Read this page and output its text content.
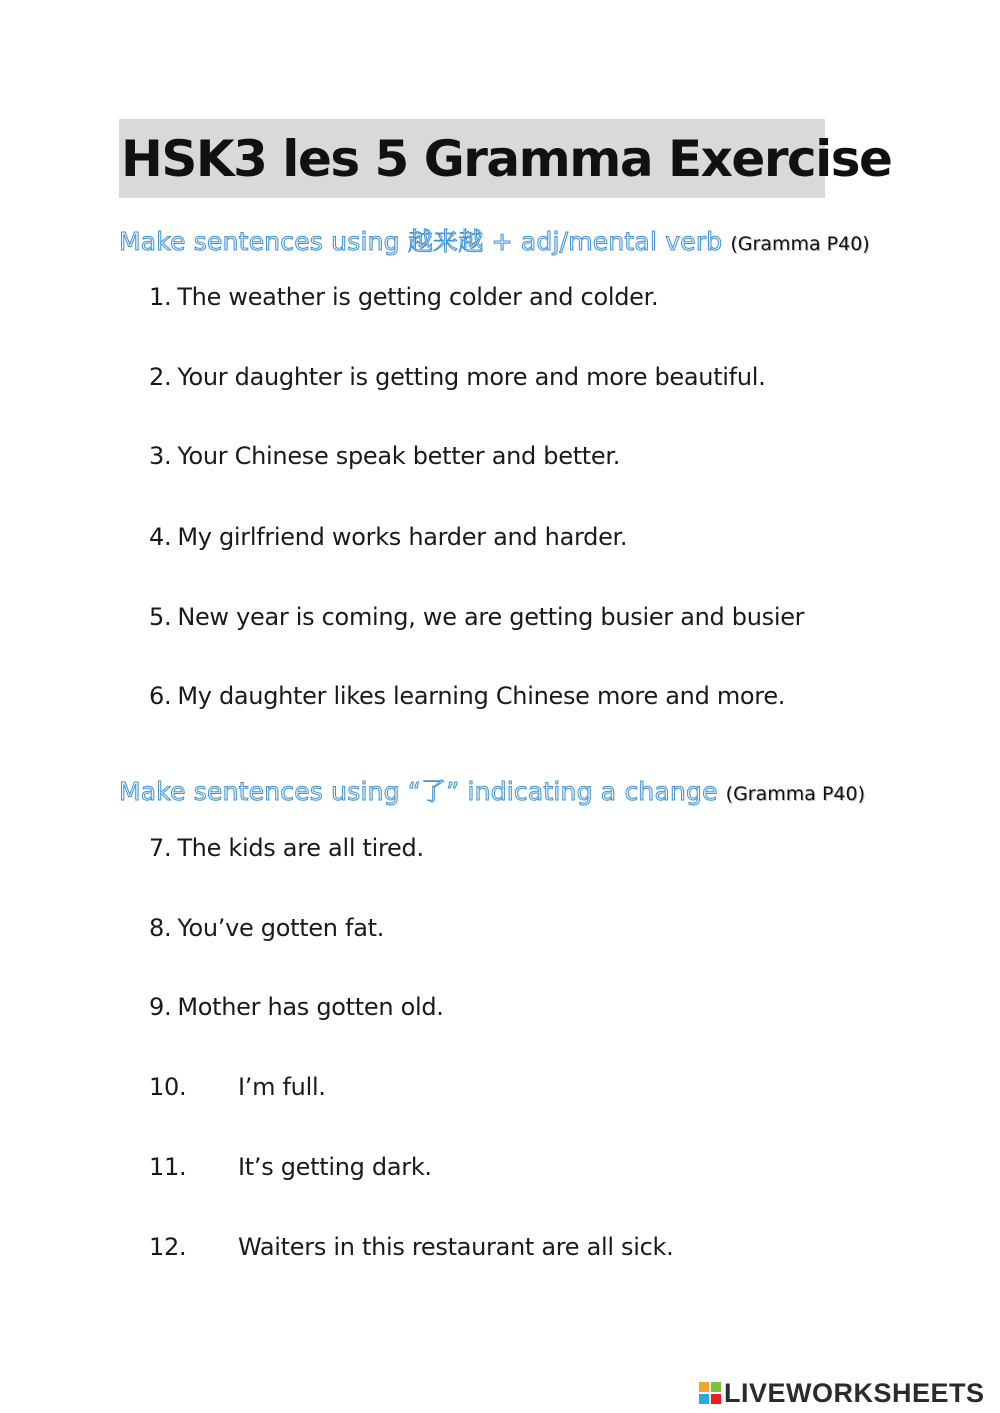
HSK3 les 5 Gramma Exercise
Make sentences using 越来越 + adj/mental verb (Gramma P40)
1. The weather is getting colder and colder.
2. Your daughter is getting more and more beautiful.
3. Your Chinese speak better and better.
4. My girlfriend works harder and harder.
5. New year is coming, we are getting busier and busier
6. My daughter likes learning Chinese more and more.
Make sentences using “了” indicating a change (Gramma P40)
7. The kids are all tired.
8. You’ve gotten fat.
9. Mother has gotten old.
10. I’m full.
11. It’s getting dark.
12. Waiters in this restaurant are all sick.
LIVEWORKSHEETS
